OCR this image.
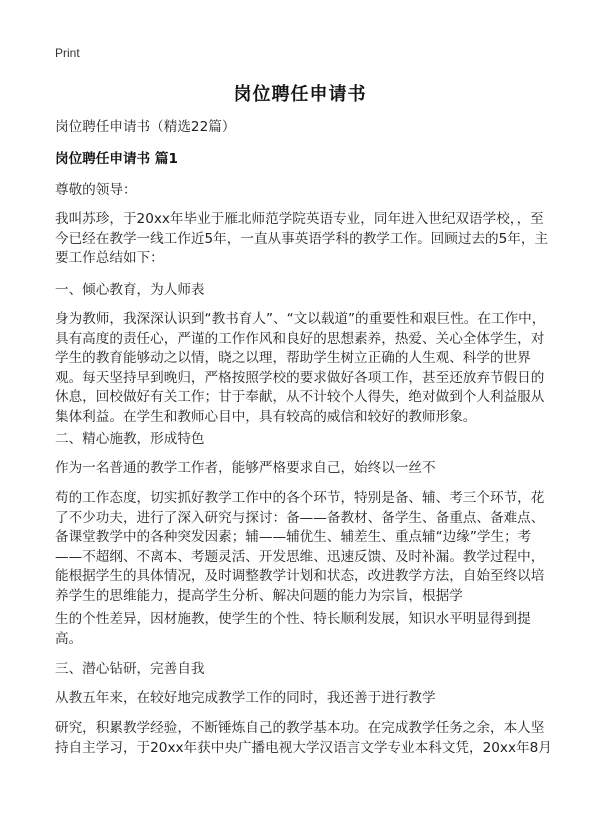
Print
岗位聘任申请书

岗位聘任申请书（精选22篇）

岗位聘任申请书 篇1

尊敬的领导：

我叫苏珍，于20xx年毕业于雁北师范学院英语专业，同年进入世纪双语学校，，至今已经在教学一线工作近5年，一直从事英语学科的教学工作。回顾过去的5年，主要工作总结如下：

一、倾心教育，为人师表

身为教师，我深深认识到“教书育人”、“文以载道”的重要性和艰巨性。在工作中，具有高度的责任心，严谨的工作作风和良好的思想素养，热爱、关心全体学生，对学生的教育能够动之以情，晓之以理，帮助学生树立正确的人生观、科学的世界观。每天坚持早到晚归，严格按照学校的要求做好各项工作，甚至还放弃节假日的休息，回校做好有关工作；甘于奉献，从不计较个人得失，绝对做到个人利益服从集体利益。在学生和教师心目中，具有较高的威信和较好的教师形象。

二、精心施教，形成特色

作为一名普通的教学工作者，能够严格要求自己，始终以一丝不

苟的工作态度，切实抓好教学工作中的各个环节，特别是备、辅、考三个环节，花了不少功夫，进行了深入研究与探讨：备——备教材、备学生、备重点、备难点、备课堂教学中的各种突发因素；辅——辅优生、辅差生、重点辅“边缘”学生；考——不超纲、不离本、考题灵活、开发思维、迅速反馈、及时补漏。教学过程中，能根据学生的具体情况，及时调整教学计划和状态，改进教学方法，自始至终以培养学生的思维能力，提高学生分析、解决问题的能力为宗旨，根据学

生的个性差异，因材施教，使学生的个性、特长顺利发展，知识水平明显得到提高。

三、潜心钻研，完善自我

从教五年来，在较好地完成教学工作的同时，我还善于进行教学

研究，积累教学经验，不断锤炼自己的教学基本功。在完成教学任务之余，本人坚持自主学习，于20xx年获中央广播电视大学汉语言文学专业本科文凭，20xx年8月
